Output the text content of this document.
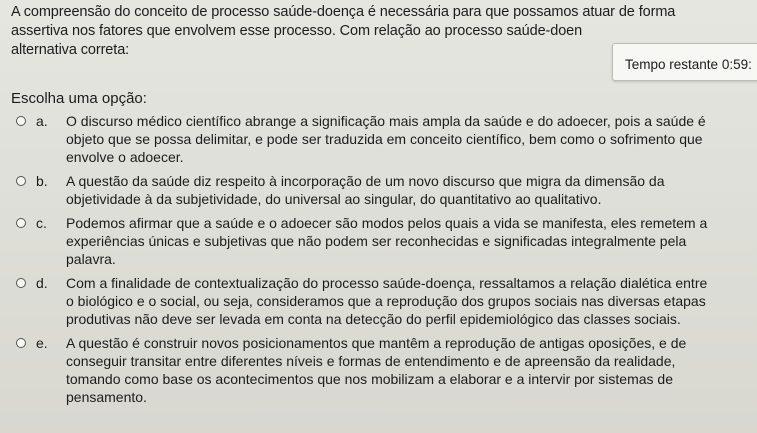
A compreensão do conceito de processo saúde-doença é necessária para que possamos atuar de forma
assertiva nos fatores que envolvem esse processo. Com relação ao processo saúde-doen
alternativa correta:
Tempo restante 0:59:
Escolha uma opção:
a. O discurso médico científico abrange a significação mais ampla da saúde e do adoecer, pois a saúde é
objeto que se possa delimitar, e pode ser traduzida em conceito científico, bem como o sofrimento que
envolve o adoecer.
b. A questão da saúde diz respeito à incorporação de um novo discurso que migra da dimensão da
objetividade à da subjetividade, do universal ao singular, do quantitativo ao qualitativo.
c. Podemos afirmar que a saúde e o adoecer são modos pelos quais a vida se manifesta, eles remetem a
experiências únicas e subjetivas que não podem ser reconhecidas e significadas integralmente pela
palavra.
d. Com a finalidade de contextualização do processo saúde-doença, ressaltamos a relação dialética entre
o biológico e o social, ou seja, consideramos que a reprodução dos grupos sociais nas diversas etapas
produtivas não deve ser levada em conta na detecção do perfil epidemiológico das classes sociais.
e. A questão é construir novos posicionamentos que mantêm a reprodução de antigas oposições, e de
conseguir transitar entre diferentes níveis e formas de entendimento e de apreensão da realidade,
tomando como base os acontecimentos que nos mobilizam a elaborar e a intervir por sistemas de
pensamento.
